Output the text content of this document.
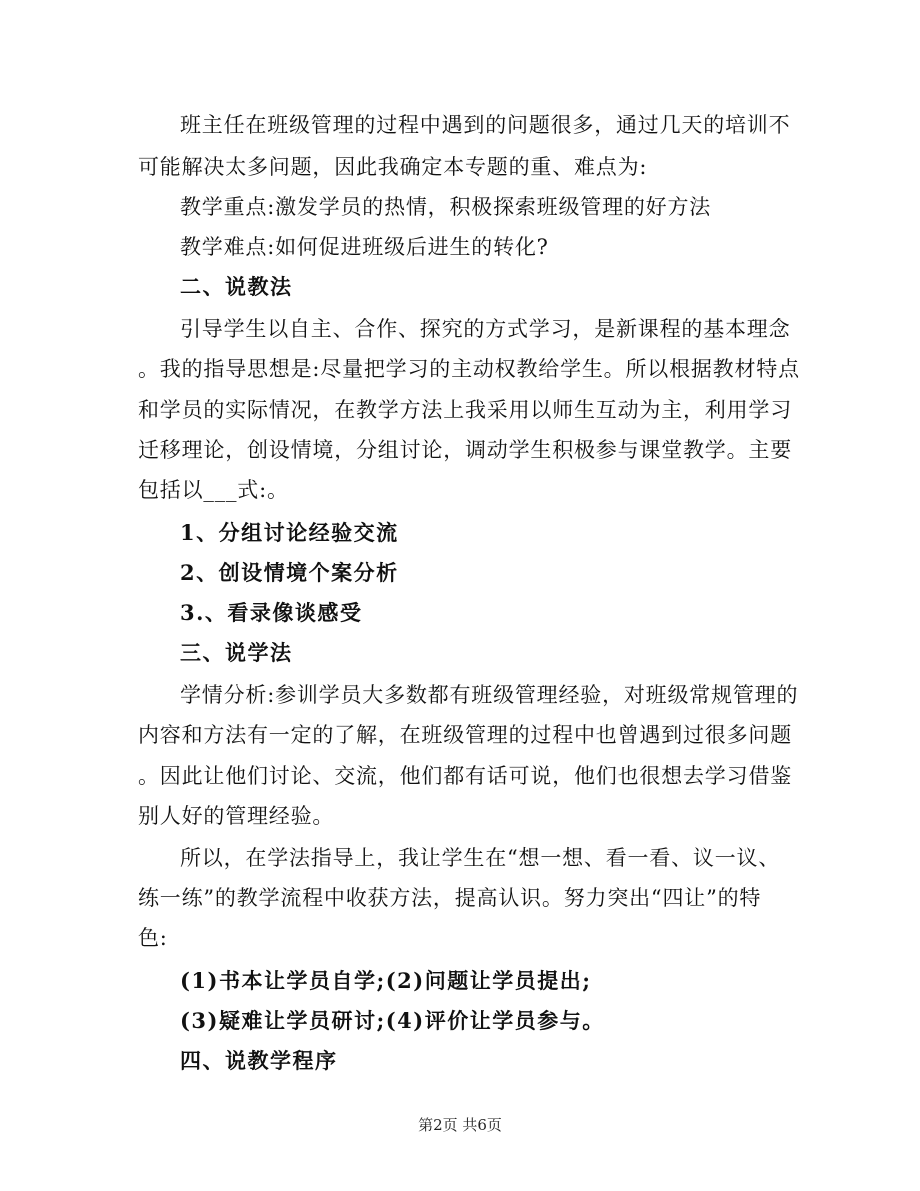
班主任在班级管理的过程中遇到的问题很多，通过几天的培训不
可能解决太多问题，因此我确定本专题的重、难点为:
教学重点:激发学员的热情，积极探索班级管理的好方法
教学难点:如何促进班级后进生的转化?
二、说教法
引导学生以自主、合作、探究的方式学习，是新课程的基本理念
。我的指导思想是:尽量把学习的主动权教给学生。所以根据教材特点
和学员的实际情况，在教学方法上我采用以师生互动为主，利用学习
迁移理论，创设情境，分组讨论，调动学生积极参与课堂教学。主要
包括以___式:。
1、分组讨论经验交流
2、创设情境个案分析
3.、看录像谈感受
三、说学法
学情分析:参训学员大多数都有班级管理经验，对班级常规管理的
内容和方法有一定的了解，在班级管理的过程中也曾遇到过很多问题
。因此让他们讨论、交流，他们都有话可说，他们也很想去学习借鉴
别人好的管理经验。
所以，在学法指导上，我让学生在“想一想、看一看、议一议、
练一练”的教学流程中收获方法，提高认识。努力突出“四让”的特
色:
(1)书本让学员自学;(2)问题让学员提出;
(3)疑难让学员研讨;(4)评价让学员参与。
四、说教学程序
第2页 共6页
